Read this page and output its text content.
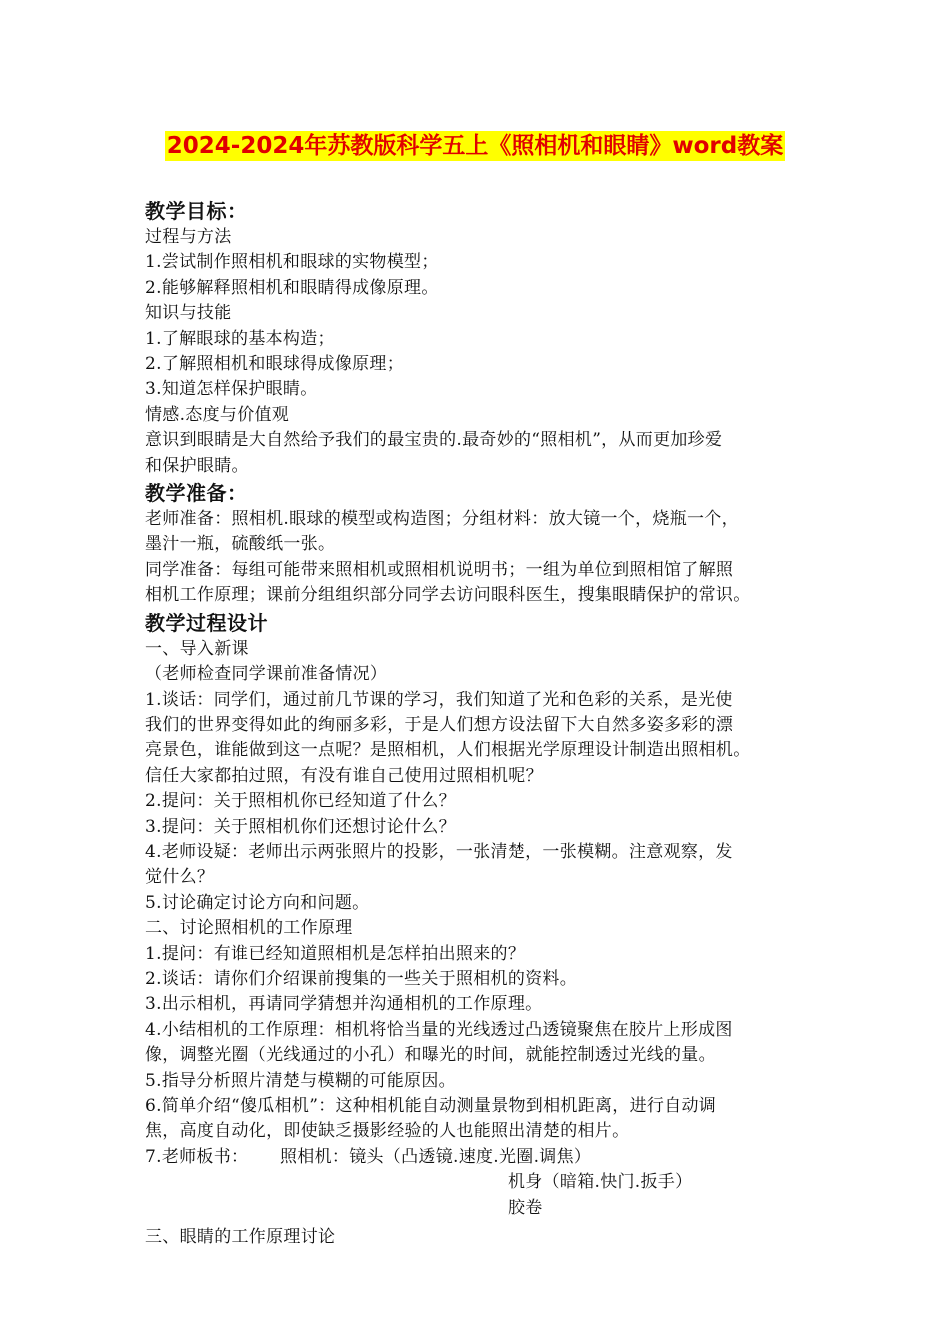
2024-2024年苏教版科学五上《照相机和眼睛》word教案
教学目标：
过程与方法
1.尝试制作照相机和眼球的实物模型；
2.能够解释照相机和眼睛得成像原理。
知识与技能
1.了解眼球的基本构造；
2.了解照相机和眼球得成像原理；
3.知道怎样保护眼睛。
情感.态度与价值观
意识到眼睛是大自然给予我们的最宝贵的.最奇妙的“照相机”，从而更加珍爱
和保护眼睛。
教学准备：
老师准备：照相机.眼球的模型或构造图；分组材料：放大镜一个，烧瓶一个，
墨汁一瓶，硫酸纸一张。
同学准备：每组可能带来照相机或照相机说明书；一组为单位到照相馆了解照
相机工作原理；课前分组组织部分同学去访问眼科医生，搜集眼睛保护的常识。
教学过程设计
一、导入新课
（老师检查同学课前准备情况）
1.谈话：同学们，通过前几节课的学习，我们知道了光和色彩的关系，是光使
我们的世界变得如此的绚丽多彩，于是人们想方设法留下大自然多姿多彩的漂
亮景色，谁能做到这一点呢？是照相机，人们根据光学原理设计制造出照相机。
信任大家都拍过照，有没有谁自己使用过照相机呢？
2.提问：关于照相机你已经知道了什么？
3.提问：关于照相机你们还想讨论什么？
4.老师设疑：老师出示两张照片的投影，一张清楚，一张模糊。注意观察，发
觉什么？
5.讨论确定讨论方向和问题。
二、讨论照相机的工作原理
1.提问：有谁已经知道照相机是怎样拍出照来的？
2.谈话：请你们介绍课前搜集的一些关于照相机的资料。
3.出示相机，再请同学猜想并沟通相机的工作原理。
4.小结相机的工作原理：相机将恰当量的光线透过凸透镜聚焦在胶片上形成图
像，调整光圈（光线通过的小孔）和曝光的时间，就能控制透过光线的量。
5.指导分析照片清楚与模糊的可能原因。
6.简单介绍“傻瓜相机”：这种相机能自动测量景物到相机距离，进行自动调
焦，高度自动化，即使缺乏摄影经验的人也能照出清楚的相片。
7.老师板书：	照相机：镜头（凸透镜.速度.光圈.调焦）
机身（暗箱.快门.扳手）
胶卷
三、眼睛的工作原理讨论
